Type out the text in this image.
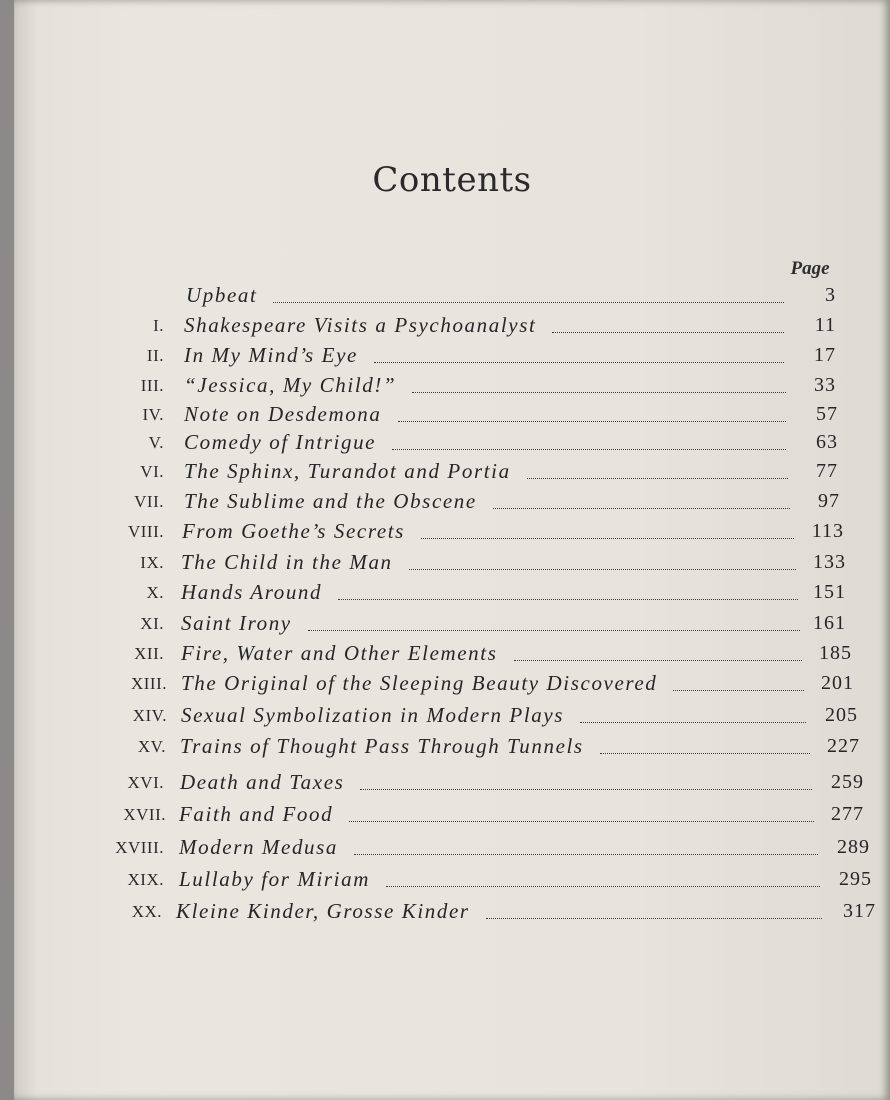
Contents
Page
Upbeat	3
I. Shakespeare Visits a Psychoanalyst	11
II. In My Mind’s Eye	17
III. “Jessica, My Child!”	33
IV. Note on Desdemona	57
V. Comedy of Intrigue	63
VI. The Sphinx, Turandot and Portia	77
VII. The Sublime and the Obscene	97
VIII. From Goethe’s Secrets	113
IX. The Child in the Man	133
X. Hands Around	151
XI. Saint Irony	161
XII. Fire, Water and Other Elements	185
XIII. The Original of the Sleeping Beauty Discovered	201
XIV. Sexual Symbolization in Modern Plays	205
XV. Trains of Thought Pass Through Tunnels	227
XVI. Death and Taxes	259
XVII. Faith and Food	277
XVIII. Modern Medusa	289
XIX. Lullaby for Miriam	295
XX. Kleine Kinder, Grosse Kinder	317
